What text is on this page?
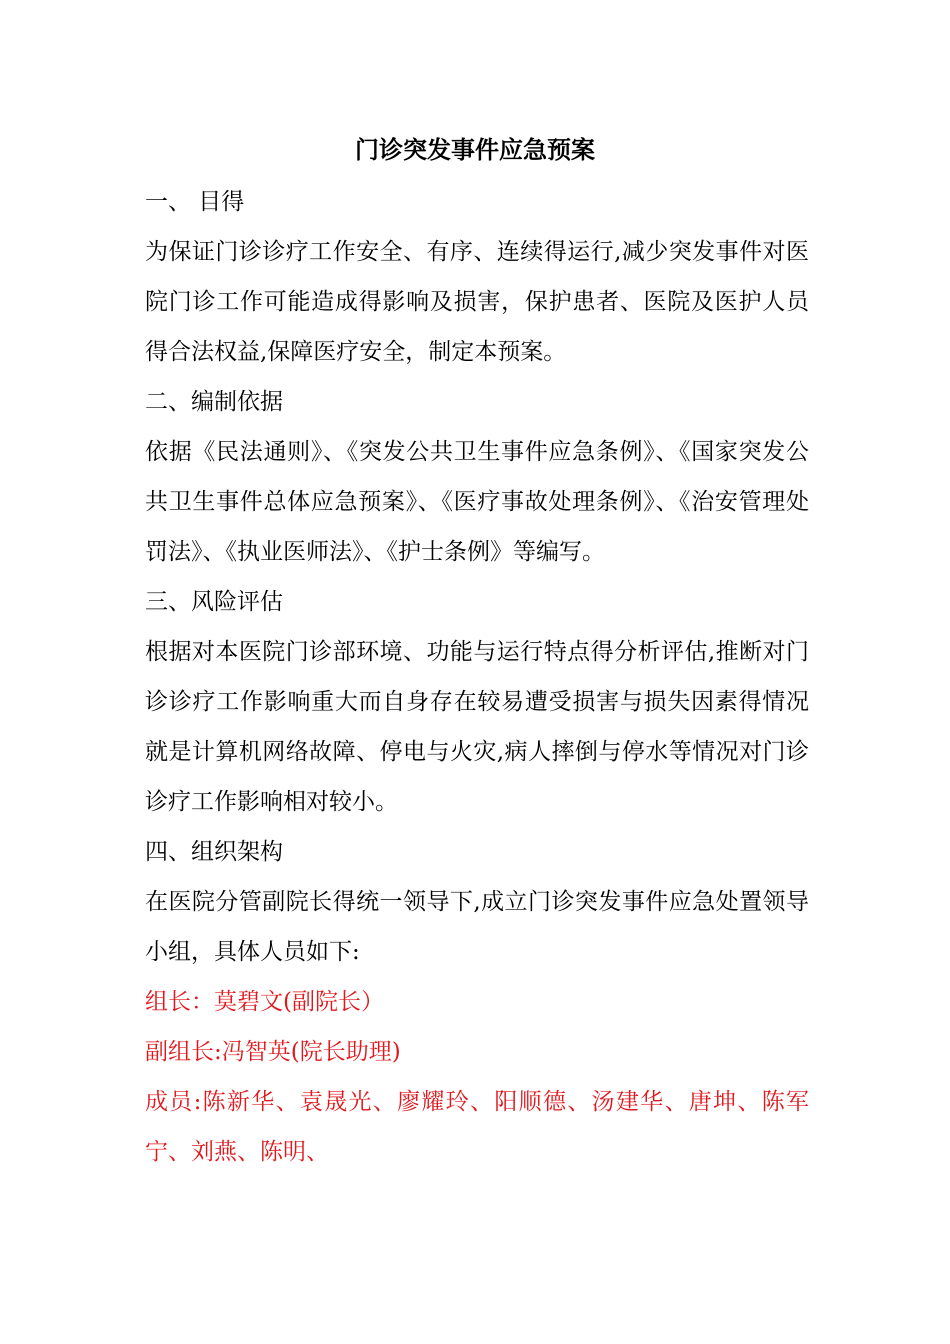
门诊突发事件应急预案

一、 目得

为保证门诊诊疗工作安全、有序、连续得运行,减少突发事件对医院门诊工作可能造成得影响及损害，保护患者、医院及医护人员得合法权益,保障医疗安全，制定本预案。

二、编制依据

依据《民法通则》、《突发公共卫生事件应急条例》、《国家突发公共卫生事件总体应急预案》、《医疗事故处理条例》、《治安管理处罚法》、《执业医师法》、《护士条例》等编写。

三、风险评估

根据对本医院门诊部环境、功能与运行特点得分析评估,推断对门诊诊疗工作影响重大而自身存在较易遭受损害与损失因素得情况就是计算机网络故障、停电与火灾,病人摔倒与停水等情况对门诊诊疗工作影响相对较小。

四、组织架构

在医院分管副院长得统一领导下,成立门诊突发事件应急处置领导小组，具体人员如下:

组长：莫碧文(副院长）

副组长:冯智英(院长助理)

成员:陈新华、袁晟光、廖耀玲、阳顺德、汤建华、唐坤、陈军宁、刘燕、陈明、
